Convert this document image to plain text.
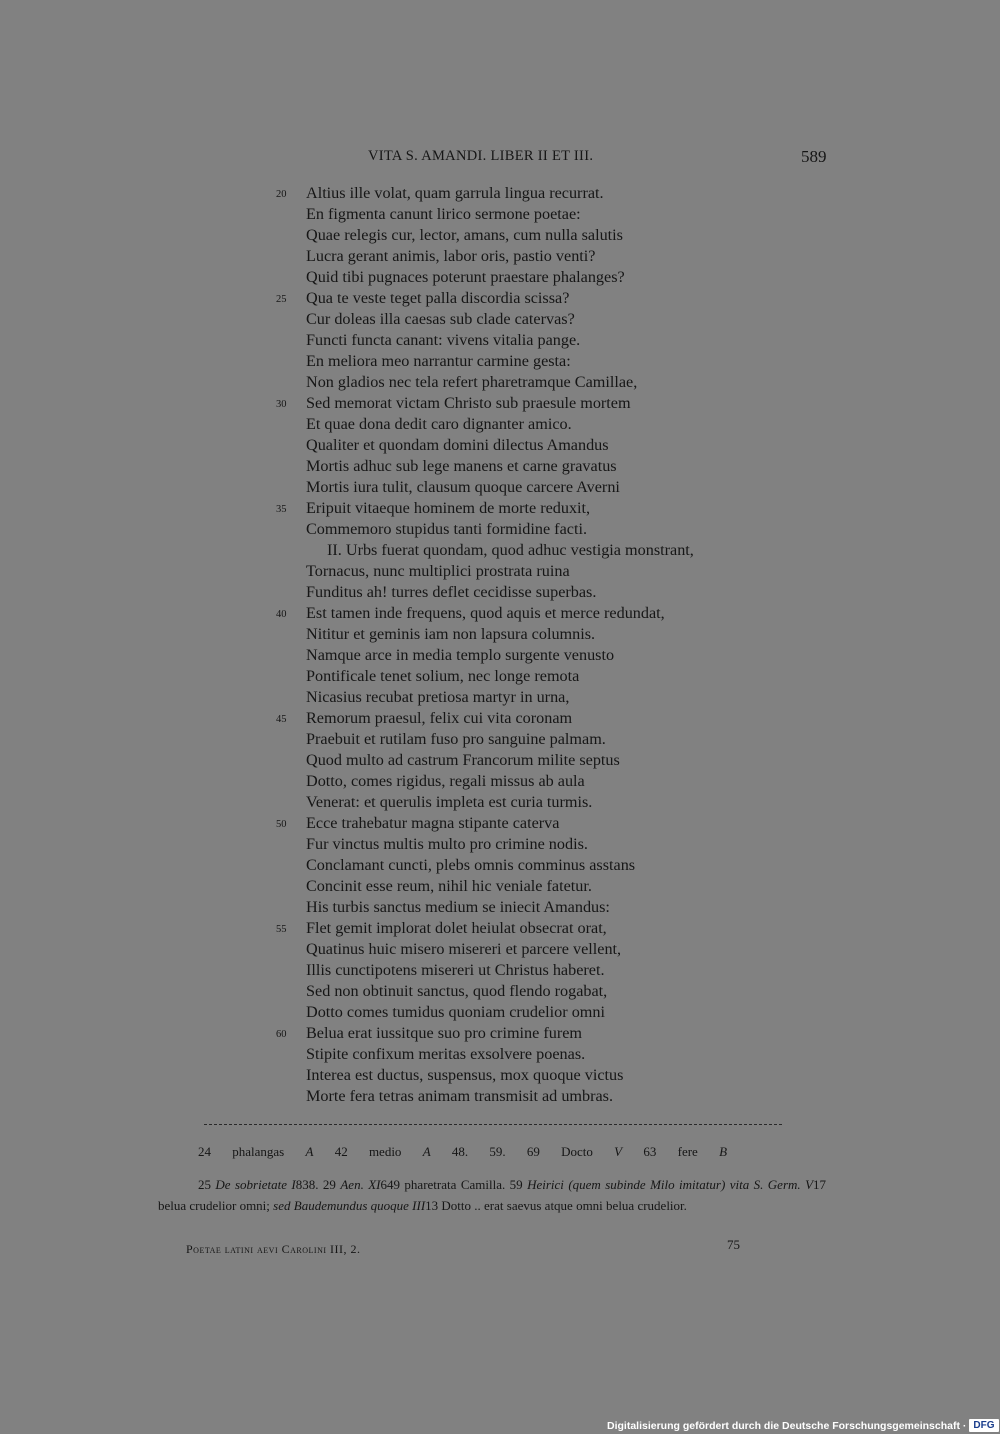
VITA S. AMANDI. LIBER II ET III.	589
20 Altius ille volat, quam garrula lingua recurrat.
En figmenta canunt lirico sermone poetae:
Quae relegis cur, lector, amans, cum nulla salutis
Lucra gerant animis, labor oris, pastio venti?
Quid tibi pugnaces poterunt praestare phalanges?
25 Qua te veste teget palla discordia scissa?
Cur doleas illa caesas sub clade catervas?
Functi functa canant: vivens vitalia pange.
En meliora meo narrantur carmine gesta:
Non gladios nec tela refert pharetramque Camillae,
30 Sed memorat victam Christo sub praesule mortem
Et quae dona dedit caro dignanter amico.
Qualiter et quondam domini dilectus Amandus
Mortis adhuc sub lege manens et carne gravatus
Mortis iura tulit, clausum quoque carcere Averni
35 Eripuit vitaeque hominem de morte reduxit,
Commemoro stupidus tanti formidine facti.
II. Urbs fuerat quondam, quod adhuc vestigia monstrant,
Tornacus, nunc multiplici prostrata ruina
Funditus ah! turres deflet cecidisse superbas.
40 Est tamen inde frequens, quod aquis et merce redundat,
Nititur et geminis iam non lapsura columnis.
Namque arce in media templo surgente venusto
Pontificale tenet solium, nec longe remota
Nicasius recubat pretiosa martyr in urna,
45 Remorum praesul, felix cui vita coronam
Praebuit et rutilam fuso pro sanguine palmam.
Quod multo ad castrum Francorum milite septus
Dotto, comes rigidus, regali missus ab aula
Venerat: et querulis impleta est curia turmis.
50 Ecce trahebatur magna stipante caterva
Fur vinctus multis multo pro crimine nodis.
Conclamant cuncti, plebs omnis comminus asstans
Concinit esse reum, nihil hic veniale fatetur.
His turbis sanctus medium se iniecit Amandus:
55 Flet gemit implorat dolet heiulat obsecrat orat,
Quatinus huic misero misereri et parcere vellent,
Illis cunctipotens misereri ut Christus haberet.
Sed non obtinuit sanctus, quod flendo rogabat,
Dotto comes tumidus quoniam crudelior omni
60 Belua erat iussitque suo pro crimine furem
Stipite confixum meritas exsolvere poenas.
Interea est ductus, suspensus, mox quoque victus
Morte fera tetras animam transmisit ad umbras.
24 phalangas A 42 medio A 48. 59. 69 Docto V 63 fere B
25 De sobrietate I838. 29 Aen. XI649 pharetrata Camilla. 59 Heirici (quem subinde Milo imitatur) vita S. Germ. V17 belua crudelior omni; sed Baudemundus quoque III13 Dotto .. erat saevus atque omni belua crudelior.
Poetae latini aevi Carolini III, 2.	75
Digitalisierung gefördert durch die Deutsche Forschungsgemeinschaft · DFG
